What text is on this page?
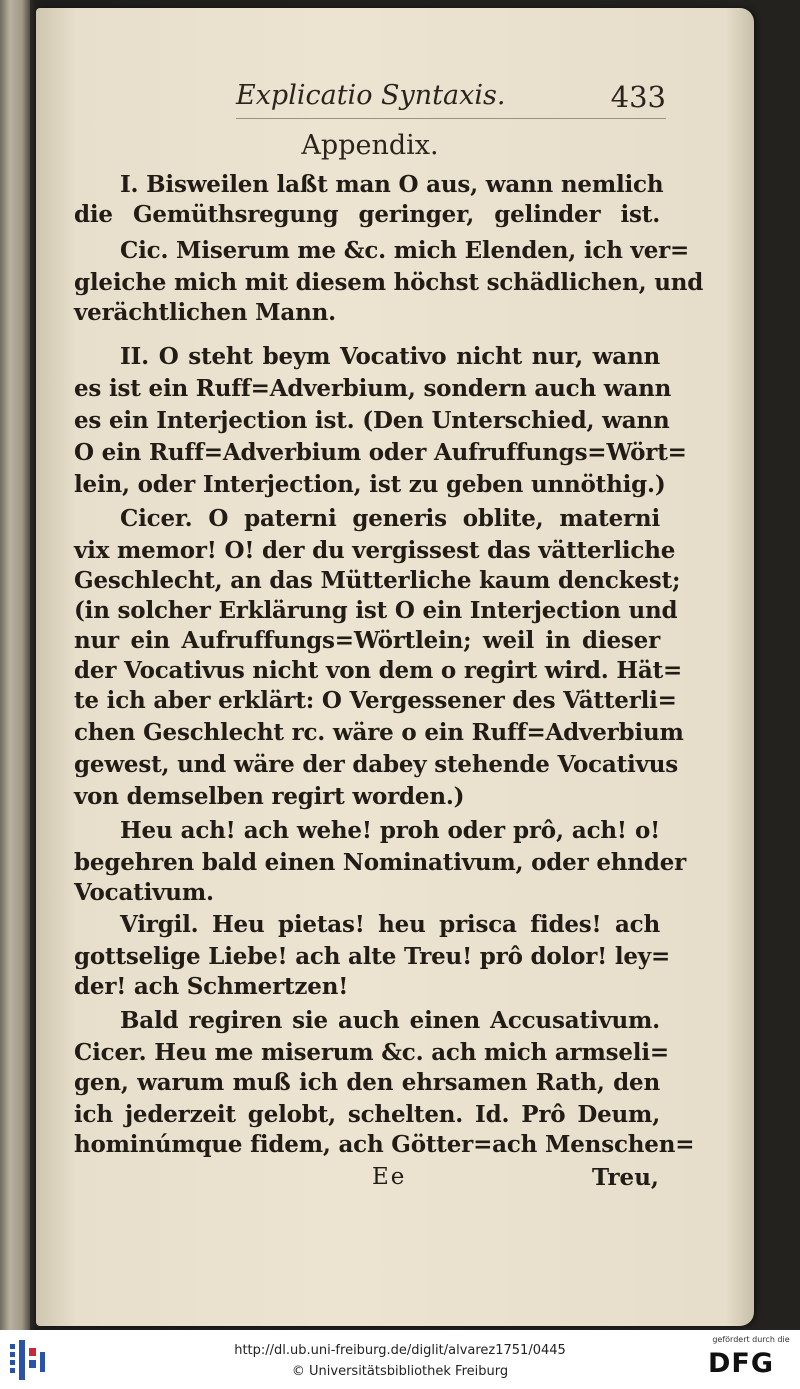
Explicatio Syntaxis.	433
Appendix.
I. Bisweilen laßt man O aus, wann nemlich
die Gemüthsregung geringer, gelinder ist.
Cic. Miserum me &c. mich Elenden, ich ver=
gleiche mich mit diesem höchst schädlichen, und
verächtlichen Mann.
II. O steht beym Vocativo nicht nur, wann
es ist ein Ruff=Adverbium, sondern auch wann
es ein Interjection ist. (Den Unterschied, wann
O ein Ruff=Adverbium oder Aufruffungs=Wört=
lein, oder Interjection, ist zu geben unnöthig.)
Cicer. O paterni generis oblite, materni
vix memor! O! der du vergissest das vätterliche
Geschlecht, an das Mütterliche kaum denckest;
(in solcher Erklärung ist O ein Interjection und
nur ein Aufruffungs=Wörtlein; weil in dieser
der Vocativus nicht von dem o regirt wird. Hät=
te ich aber erklärt: O Vergessener des Vätterli=
chen Geschlecht rc. wäre o ein Ruff=Adverbium
gewest, und wäre der dabey stehende Vocativus
von demselben regirt worden.)
Heu ach! ach wehe! proh oder prô, ach! o!
begehren bald einen Nominativum, oder ehnder
Vocativum.
Virgil. Heu pietas! heu prisca fides! ach
gottselige Liebe! ach alte Treu! prô dolor! ley=
der! ach Schmertzen!
Bald regiren sie auch einen Accusativum.
Cicer. Heu me miserum &c. ach mich armseli=
gen, warum muß ich den ehrsamen Rath, den
ich jederzeit gelobt, schelten. Id. Prô Deum,
hominúmque fidem, ach Götter=ach Menschen=
Ee	Treu,
http://dl.ub.uni-freiburg.de/diglit/alvarez1751/0445
© Universitätsbibliothek Freiburg
gefördert durch die
DFG
